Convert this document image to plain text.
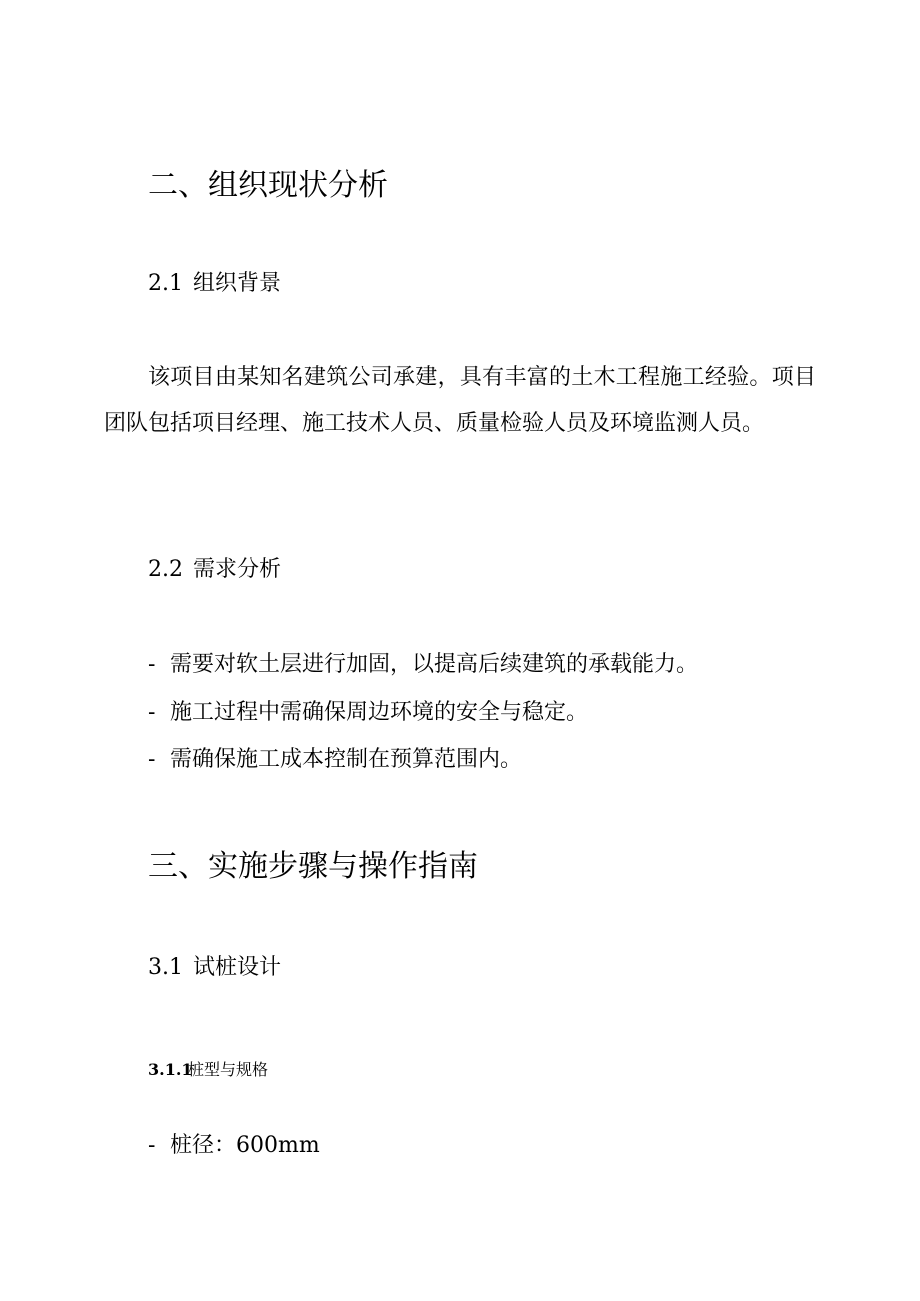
二、组织现状分析
2.1 组织背景
该项目由某知名建筑公司承建，具有丰富的土木工程施工经验。项目团队包括项目经理、施工技术人员、质量检验人员及环境监测人员。
2.2 需求分析
- 需要对软土层进行加固，以提高后续建筑的承载能力。
- 施工过程中需确保周边环境的安全与稳定。
- 需确保施工成本控制在预算范围内。
三、实施步骤与操作指南
3.1 试桩设计
3.1.1桩型与规格
- 桩径：600mm
